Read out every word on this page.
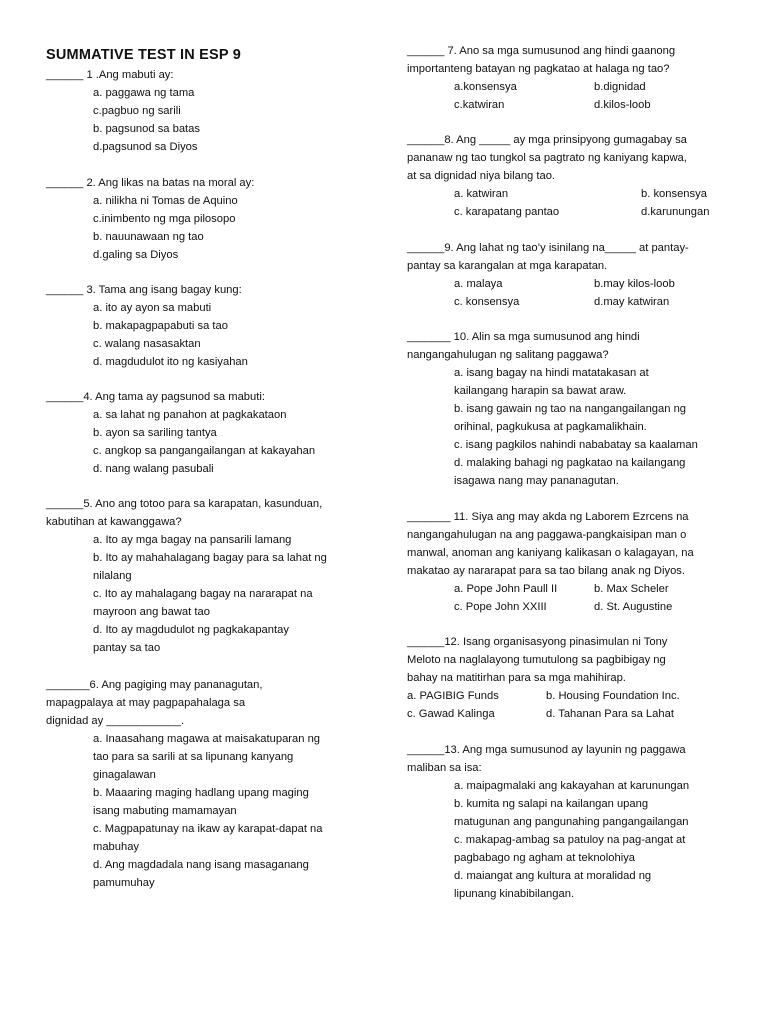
SUMMATIVE TEST IN ESP 9

______ 1 .Ang mabuti ay:

a. paggawa ng tama

c.pagbuo ng sarili

b. pagsunod sa batas

d.pagsunod sa Diyos

______ 2. Ang likas na batas na moral ay:

a. nilikha ni Tomas de Aquino

c.inimbento ng mga pilosopo

b. nauunawaan ng tao

d.galing sa Diyos

______ 3. Tama ang isang bagay kung:

a. ito ay ayon sa mabuti

b. makapagpapabuti sa tao

c. walang nasasaktan

d. magdudulot ito ng kasiyahan

______4. Ang tama ay pagsunod sa mabuti:

a. sa lahat ng panahon at pagkakataon

b. ayon sa sariling tantya

c. angkop sa pangangailangan at kakayahan

d. nang walang pasubali

______5. Ano ang totoo para sa karapatan, kasunduan,

kabutihan at kawanggawa?

a. Ito ay mga bagay na pansarili lamang

b. Ito ay mahahalagang bagay para sa lahat ng

nilalang

c. Ito ay mahalagang bagay na nararapat na

mayroon ang bawat tao

d. Ito ay magdudulot ng pagkakapantay

pantay sa tao

_______6. Ang pagiging may pananagutan,

mapagpalaya at may pagpapahalaga sa

dignidad ay ____________.

a. Inaasahang magawa at maisakatuparan ng

tao para sa sarili at sa lipunang kanyang

ginagalawan

b. Maaaring maging hadlang upang maging

isang mabuting mamamayan

c. Magpapatunay na ikaw ay karapat-dapat na

mabuhay

d. Ang magdadala nang isang masaganang

pamumuhay

______ 7. Ano sa mga sumusunod ang hindi gaanong

importanteng batayan ng pagkatao at halaga ng tao?

a.konsensya	b.dignidad
c.katwiran	d.kilos-loob

______8. Ang _____ ay mga prinsipyong gumagabay sa

pananaw ng tao tungkol sa pagtrato ng kaniyang kapwa,

at sa dignidad niya bilang tao.

a. katwiran	b. konsensya
c. karapatang pantao	d.karunungan

______9. Ang lahat ng tao’y isinilang na_____ at pantay-

pantay sa karangalan at mga karapatan.

a. malaya	b.may kilos-loob
c. konsensya	d.may katwiran

_______ 10. Alin sa mga sumusunod ang hindi

nangangahulugan ng salitang paggawa?

a. isang bagay na hindi matatakasan at

kailangang harapin sa bawat araw.

b. isang gawain ng tao na nangangailangan ng

orihinal, pagkukusa at pagkamalikhain.

c. isang pagkilos nahindi nababatay sa kaalaman

d. malaking bahagi ng pagkatao na kailangang

isagawa nang may pananagutan.

_______ 11. Siya ang may akda ng Laborem Ezrcens na

nangangahulugan na ang paggawa-pangkaisipan man o

manwal, anoman ang kaniyang kalikasan o kalagayan, na

makatao ay nararapat para sa tao bilang anak ng Diyos.

a. Pope John Paull II	b. Max Scheler
c. Pope John XXIII	d. St. Augustine

______12. Isang organisasyong pinasimulan ni Tony

Meloto na naglalayong tumutulong sa pagbibigay ng

bahay na matitirhan para sa mga mahihirap.

a. PAGIBIG Funds	b. Housing Foundation Inc.
c. Gawad Kalinga	d. Tahanan Para sa Lahat

______13. Ang mga sumusunod ay layunin ng paggawa

maliban sa isa:

a. maipagmalaki ang kakayahan at karunungan

b. kumita ng salapi na kailangan upang

matugunan ang pangunahing pangangailangan

c. makapag-ambag sa patuloy na pag-angat at

pagbabago ng agham at teknolohiya

d. maiangat ang kultura at moralidad ng

lipunang kinabibilangan.
